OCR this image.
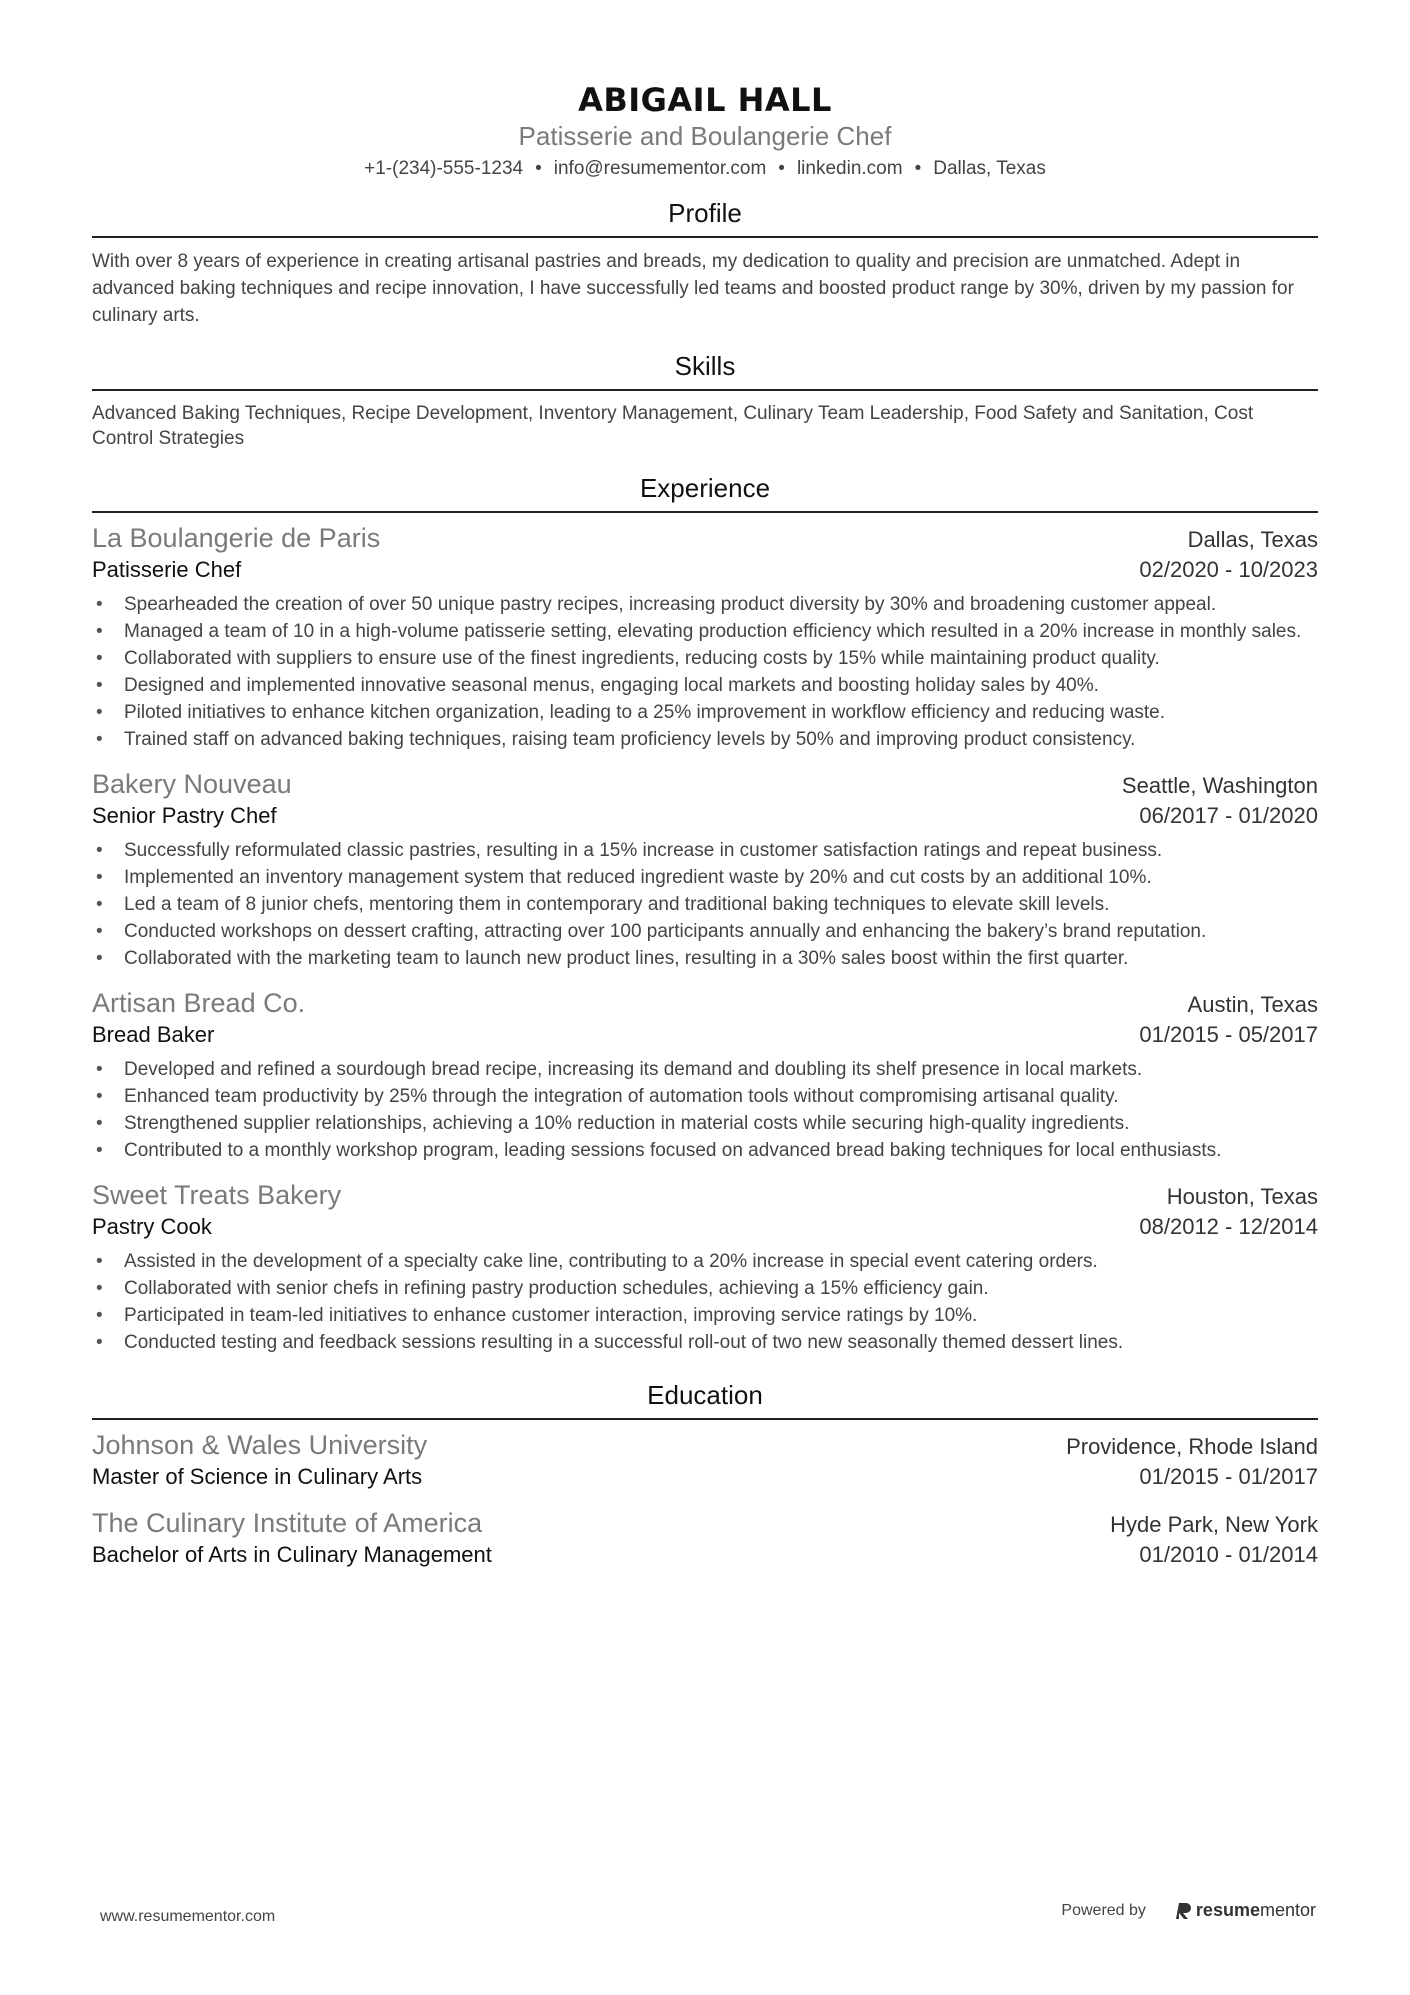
ABIGAIL HALL
Patisserie and Boulangerie Chef
+1-(234)-555-1234 • info@resumementor.com • linkedin.com • Dallas, Texas
Profile
With over 8 years of experience in creating artisanal pastries and breads, my dedication to quality and precision are unmatched. Adept in advanced baking techniques and recipe innovation, I have successfully led teams and boosted product range by 30%, driven by my passion for culinary arts.
Skills
Advanced Baking Techniques, Recipe Development, Inventory Management, Culinary Team Leadership, Food Safety and Sanitation, Cost Control Strategies
Experience
La Boulangerie de Paris	Dallas, Texas
Patisserie Chef	02/2020 - 10/2023
• Spearheaded the creation of over 50 unique pastry recipes, increasing product diversity by 30% and broadening customer appeal.
• Managed a team of 10 in a high-volume patisserie setting, elevating production efficiency which resulted in a 20% increase in monthly sales.
• Collaborated with suppliers to ensure use of the finest ingredients, reducing costs by 15% while maintaining product quality.
• Designed and implemented innovative seasonal menus, engaging local markets and boosting holiday sales by 40%.
• Piloted initiatives to enhance kitchen organization, leading to a 25% improvement in workflow efficiency and reducing waste.
• Trained staff on advanced baking techniques, raising team proficiency levels by 50% and improving product consistency.
Bakery Nouveau	Seattle, Washington
Senior Pastry Chef	06/2017 - 01/2020
• Successfully reformulated classic pastries, resulting in a 15% increase in customer satisfaction ratings and repeat business.
• Implemented an inventory management system that reduced ingredient waste by 20% and cut costs by an additional 10%.
• Led a team of 8 junior chefs, mentoring them in contemporary and traditional baking techniques to elevate skill levels.
• Conducted workshops on dessert crafting, attracting over 100 participants annually and enhancing the bakery’s brand reputation.
• Collaborated with the marketing team to launch new product lines, resulting in a 30% sales boost within the first quarter.
Artisan Bread Co.	Austin, Texas
Bread Baker	01/2015 - 05/2017
• Developed and refined a sourdough bread recipe, increasing its demand and doubling its shelf presence in local markets.
• Enhanced team productivity by 25% through the integration of automation tools without compromising artisanal quality.
• Strengthened supplier relationships, achieving a 10% reduction in material costs while securing high-quality ingredients.
• Contributed to a monthly workshop program, leading sessions focused on advanced bread baking techniques for local enthusiasts.
Sweet Treats Bakery	Houston, Texas
Pastry Cook	08/2012 - 12/2014
• Assisted in the development of a specialty cake line, contributing to a 20% increase in special event catering orders.
• Collaborated with senior chefs in refining pastry production schedules, achieving a 15% efficiency gain.
• Participated in team-led initiatives to enhance customer interaction, improving service ratings by 10%.
• Conducted testing and feedback sessions resulting in a successful roll-out of two new seasonally themed dessert lines.
Education
Johnson & Wales University	Providence, Rhode Island
Master of Science in Culinary Arts	01/2015 - 01/2017
The Culinary Institute of America	Hyde Park, New York
Bachelor of Arts in Culinary Management	01/2010 - 01/2014
www.resumementor.com	Powered by	resume mentor
